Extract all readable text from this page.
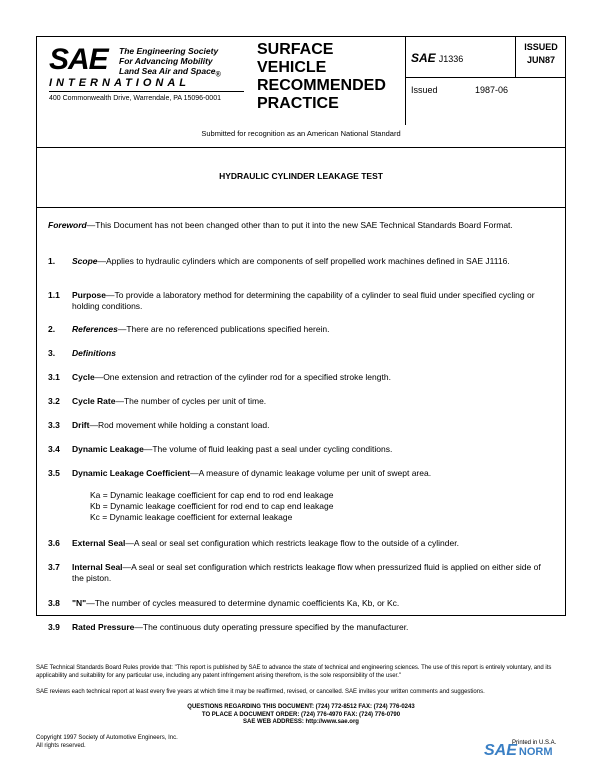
SAE The Engineering Society
For Advancing Mobility
Land Sea Air and Space$_®$
INTERNATIONAL
400 Commonwealth Drive, Warrendale, PA 15096-0001
SURFACE
VEHICLE
RECOMMENDED
PRACTICE
SAE J1336
ISSUED
JUN87
Issued	1987-06
Submitted for recognition as an American National Standard
HYDRAULIC CYLINDER LEAKAGE TEST
Foreword—This Document has not been changed other than to put it into the new SAE Technical Standards Board Format.
1. Scope—Applies to hydraulic cylinders which are components of self propelled work machines defined in SAE J1116.
1.1 Purpose—To provide a laboratory method for determining the capability of a cylinder to seal fluid under specified cycling or holding conditions.
2. References—There are no referenced publications specified herein.
3. Definitions
3.1 Cycle—One extension and retraction of the cylinder rod for a specified stroke length.
3.2 Cycle Rate—The number of cycles per unit of time.
3.3 Drift—Rod movement while holding a constant load.
3.4 Dynamic Leakage—The volume of fluid leaking past a seal under cycling conditions.
3.5 Dynamic Leakage Coefficient—A measure of dynamic leakage volume per unit of swept area.
Ka = Dynamic leakage coefficient for cap end to rod end leakage
Kb = Dynamic leakage coefficient for rod end to cap end leakage
Kc = Dynamic leakage coefficient for external leakage
3.6 External Seal—A seal or seal set configuration which restricts leakage flow to the outside of a cylinder.
3.7 Internal Seal—A seal or seal set configuration which restricts leakage flow when pressurized fluid is applied on either side of the piston.
3.8 "N"—The number of cycles measured to determine dynamic coefficients Ka, Kb, or Kc.
3.9 Rated Pressure—The continuous duty operating pressure specified by the manufacturer.
SAE Technical Standards Board Rules provide that: "This report is published by SAE to advance the state of technical and engineering sciences. The use of this report is entirely voluntary, and its applicability and suitability for any particular use, including any patent infringement arising therefrom, is the sole responsibility of the user."
SAE reviews each technical report at least every five years at which time it may be reaffirmed, revised, or cancelled. SAE invites your written comments and suggestions.
QUESTIONS REGARDING THIS DOCUMENT: (724) 772-8512 FAX: (724) 776-0243
TO PLACE A DOCUMENT ORDER: (724) 776-4970 FAX: (724) 776-0790
SAE WEB ADDRESS: http://www.sae.org
Copyright 1997 Society of Automotive Engineers, Inc.
All rights reserved.	Printed in U.S.A.
SAE NORM
